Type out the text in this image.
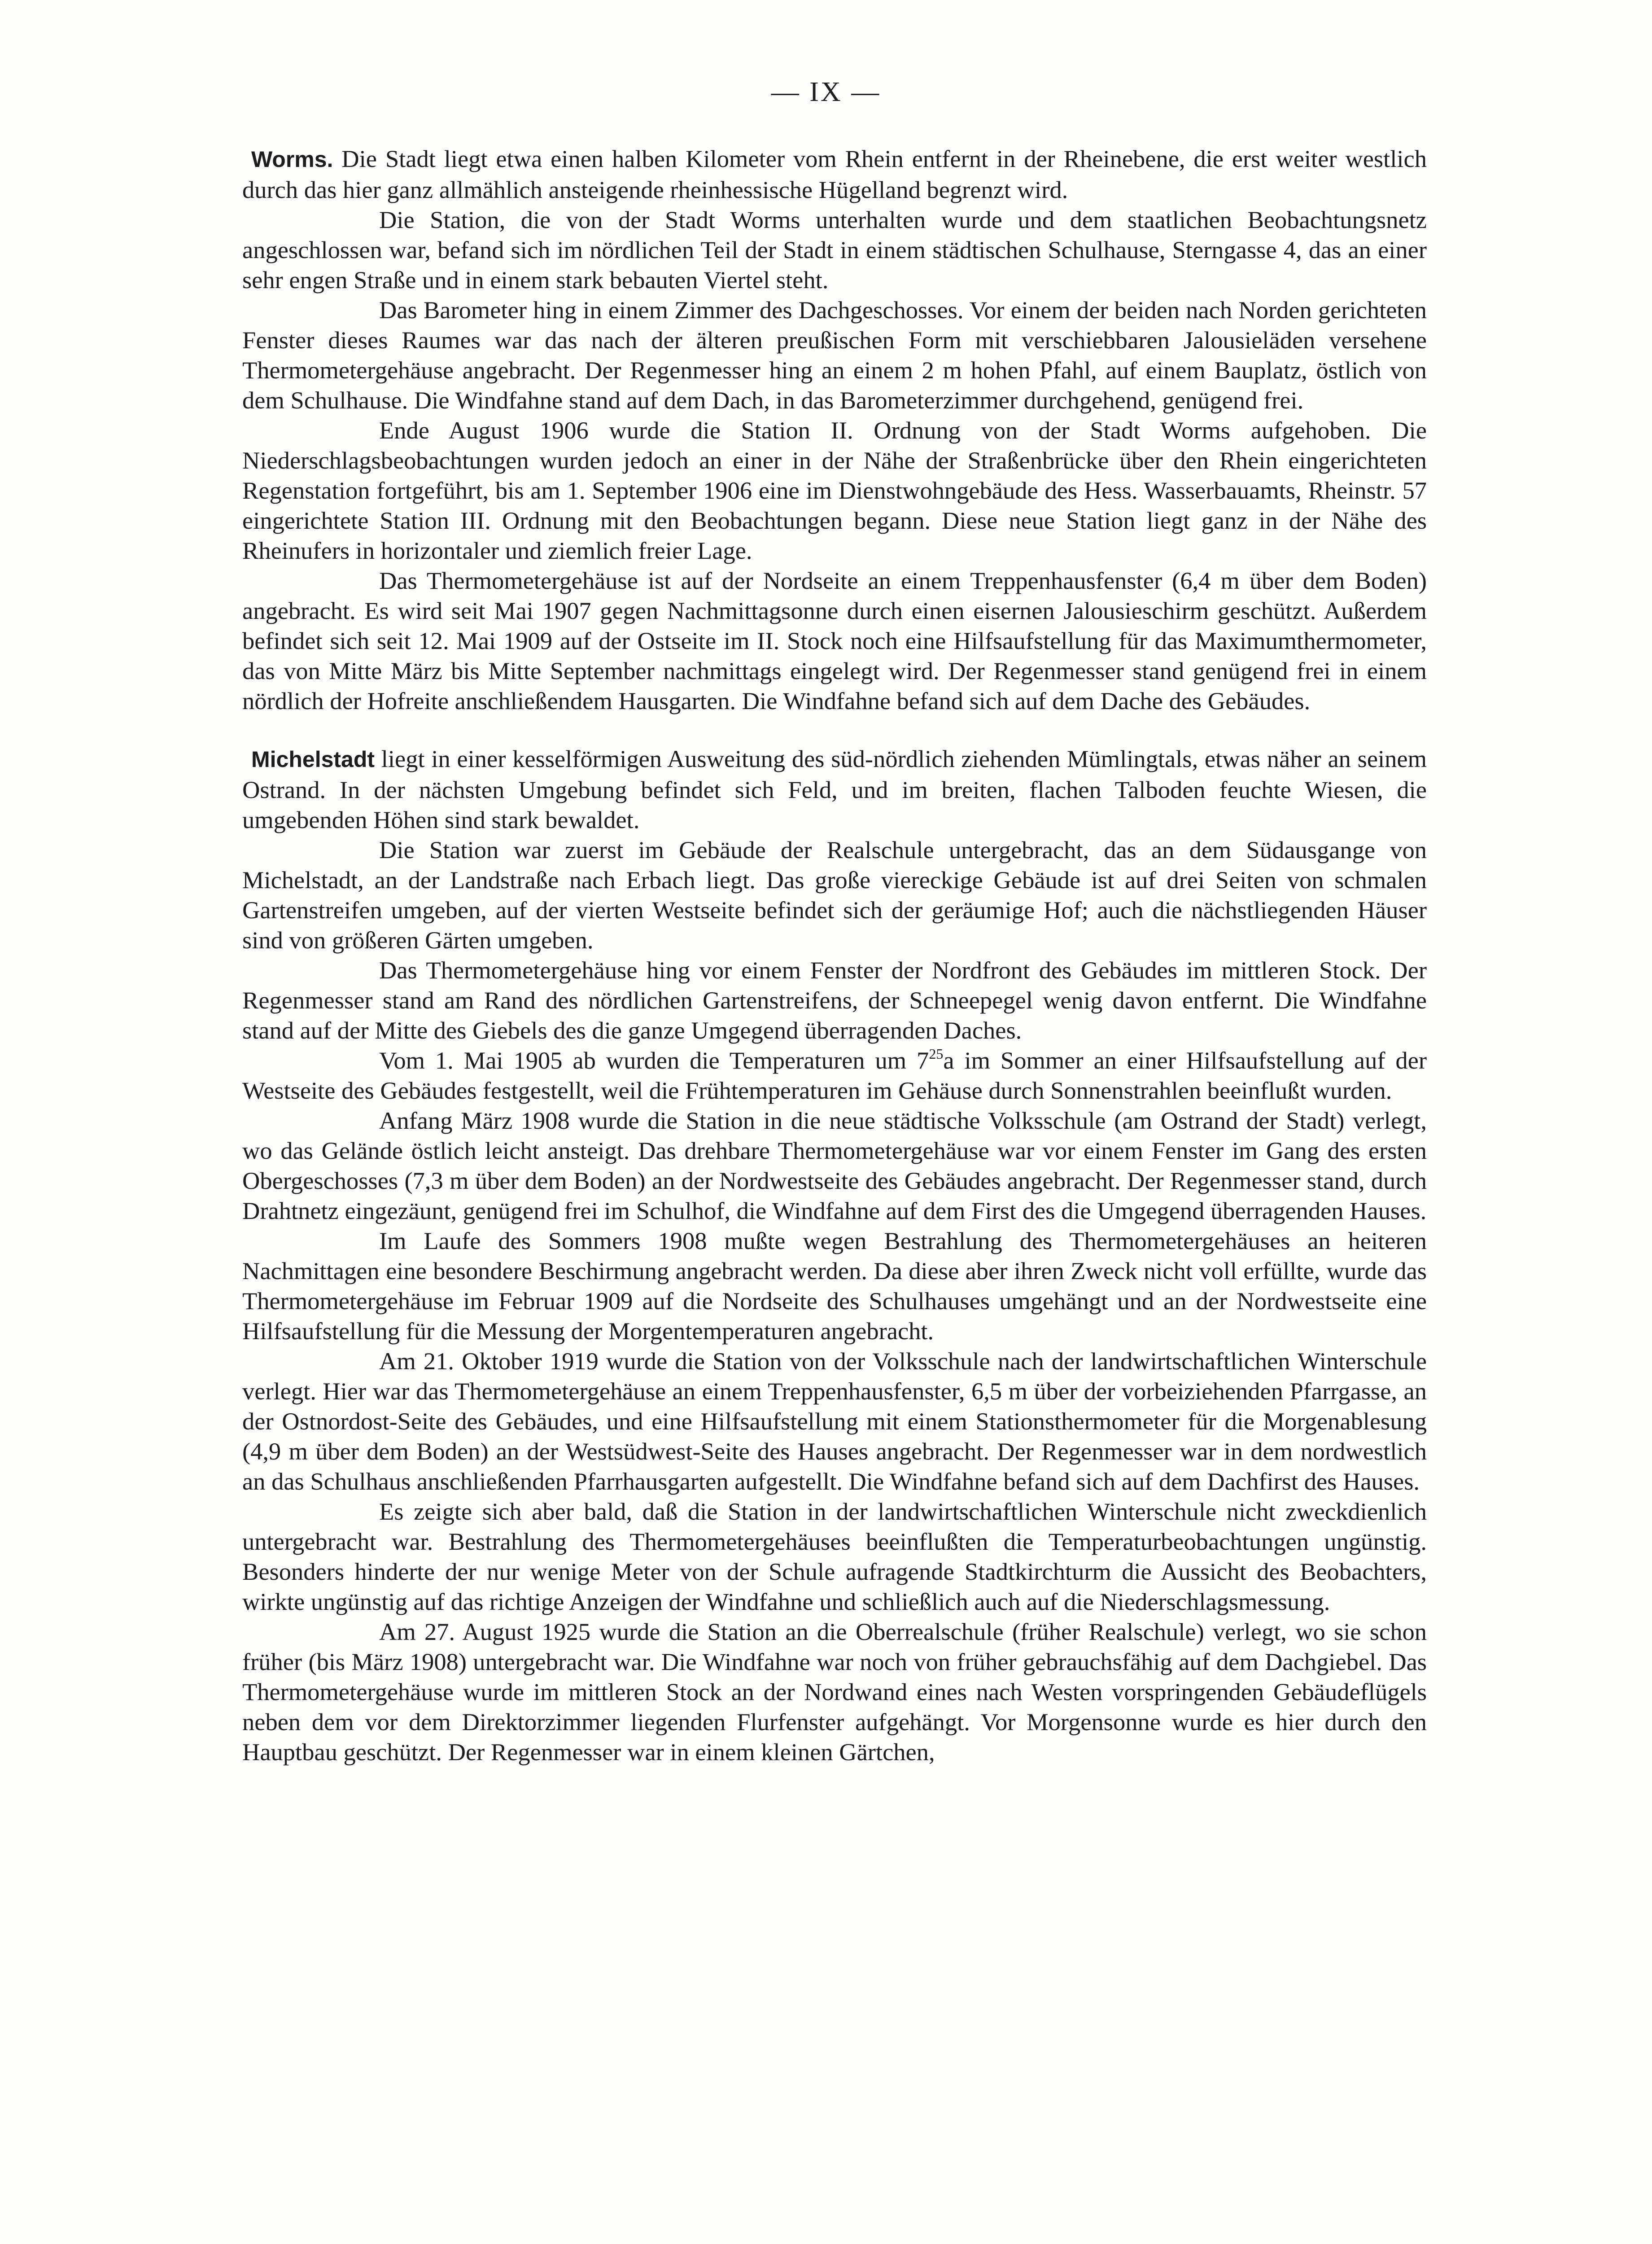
— IX —

Worms. Die Stadt liegt etwa einen halben Kilometer vom Rhein entfernt in der Rheinebene, die erst weiter westlich durch das hier ganz allmählich ansteigende rheinhessische Hügelland begrenzt wird.

Die Station, die von der Stadt Worms unterhalten wurde und dem staatlichen Beobachtungsnetz angeschlossen war, befand sich im nördlichen Teil der Stadt in einem städtischen Schulhause, Sterngasse 4, das an einer sehr engen Straße und in einem stark bebauten Viertel steht.

Das Barometer hing in einem Zimmer des Dachgeschosses. Vor einem der beiden nach Norden gerichteten Fenster dieses Raumes war das nach der älteren preußischen Form mit verschiebbaren Jalousieläden versehene Thermometergehäuse angebracht. Der Regenmesser hing an einem 2 m hohen Pfahl, auf einem Bauplatz, östlich von dem Schulhause. Die Windfahne stand auf dem Dach, in das Barometerzimmer durchgehend, genügend frei.

Ende August 1906 wurde die Station II. Ordnung von der Stadt Worms aufgehoben. Die Niederschlagsbeobachtungen wurden jedoch an einer in der Nähe der Straßenbrücke über den Rhein eingerichteten Regenstation fortgeführt, bis am 1. September 1906 eine im Dienstwohngebäude des Hess. Wasserbauamts, Rheinstr. 57 eingerichtete Station III. Ordnung mit den Beobachtungen begann. Diese neue Station liegt ganz in der Nähe des Rheinufers in horizontaler und ziemlich freier Lage.

Das Thermometergehäuse ist auf der Nordseite an einem Treppenhausfenster (6,4 m über dem Boden) angebracht. Es wird seit Mai 1907 gegen Nachmittagsonne durch einen eisernen Jalousieschirm geschützt. Außerdem befindet sich seit 12. Mai 1909 auf der Ostseite im II. Stock noch eine Hilfsaufstellung für das Maximumthermometer, das von Mitte März bis Mitte September nachmittags eingelegt wird. Der Regenmesser stand genügend frei in einem nördlich der Hofreite anschließendem Hausgarten. Die Windfahne befand sich auf dem Dache des Gebäudes.

Michelstadt liegt in einer kesselförmigen Ausweitung des süd-nördlich ziehenden Mümlingtals, etwas näher an seinem Ostrand. In der nächsten Umgebung befindet sich Feld, und im breiten, flachen Talboden feuchte Wiesen, die umgebenden Höhen sind stark bewaldet.

Die Station war zuerst im Gebäude der Realschule untergebracht, das an dem Südausgange von Michelstadt, an der Landstraße nach Erbach liegt. Das große viereckige Gebäude ist auf drei Seiten von schmalen Gartenstreifen umgeben, auf der vierten Westseite befindet sich der geräumige Hof; auch die nächstliegenden Häuser sind von größeren Gärten umgeben.

Das Thermometergehäuse hing vor einem Fenster der Nordfront des Gebäudes im mittleren Stock. Der Regenmesser stand am Rand des nördlichen Gartenstreifens, der Schneepegel wenig davon entfernt. Die Windfahne stand auf der Mitte des Giebels des die ganze Umgegend überragenden Daches.

Vom 1. Mai 1905 ab wurden die Temperaturen um $7^{25}a$ im Sommer an einer Hilfsaufstellung auf der Westseite des Gebäudes festgestellt, weil die Frühtemperaturen im Gehäuse durch Sonnenstrahlen beeinflußt wurden.

Anfang März 1908 wurde die Station in die neue städtische Volksschule (am Ostrand der Stadt) verlegt, wo das Gelände östlich leicht ansteigt. Das drehbare Thermometergehäuse war vor einem Fenster im Gang des ersten Obergeschosses (7,3 m über dem Boden) an der Nordwestseite des Gebäudes angebracht. Der Regenmesser stand, durch Drahtnetz eingezäunt, genügend frei im Schulhof, die Windfahne auf dem First des die Umgegend überragenden Hauses.

Im Laufe des Sommers 1908 mußte wegen Bestrahlung des Thermometergehäuses an heiteren Nachmittagen eine besondere Beschirmung angebracht werden. Da diese aber ihren Zweck nicht voll erfüllte, wurde das Thermometergehäuse im Februar 1909 auf die Nordseite des Schulhauses umgehängt und an der Nordwestseite eine Hilfsaufstellung für die Messung der Morgentemperaturen angebracht.

Am 21. Oktober 1919 wurde die Station von der Volksschule nach der landwirtschaftlichen Winterschule verlegt. Hier war das Thermometergehäuse an einem Treppenhausfenster, 6,5 m über der vorbeiziehenden Pfarrgasse, an der Ostnordost-Seite des Gebäudes, und eine Hilfsaufstellung mit einem Stationsthermometer für die Morgenablesung (4,9 m über dem Boden) an der Westsüdwest-Seite des Hauses angebracht. Der Regenmesser war in dem nordwestlich an das Schulhaus anschließenden Pfarrhausgarten aufgestellt. Die Windfahne befand sich auf dem Dachfirst des Hauses.

Es zeigte sich aber bald, daß die Station in der landwirtschaftlichen Winterschule nicht zweckdienlich untergebracht war. Bestrahlung des Thermometergehäuses beeinflußten die Temperaturbeobachtungen ungünstig. Besonders hinderte der nur wenige Meter von der Schule aufragende Stadtkirchturm die Aussicht des Beobachters, wirkte ungünstig auf das richtige Anzeigen der Windfahne und schließlich auch auf die Niederschlagsmessung.

Am 27. August 1925 wurde die Station an die Oberrealschule (früher Realschule) verlegt, wo sie schon früher (bis März 1908) untergebracht war. Die Windfahne war noch von früher gebrauchsfähig auf dem Dachgiebel. Das Thermometergehäuse wurde im mittleren Stock an der Nordwand eines nach Westen vorspringenden Gebäudeflügels neben dem vor dem Direktorzimmer liegenden Flurfenster aufgehängt. Vor Morgensonne wurde es hier durch den Hauptbau geschützt. Der Regenmesser war in einem kleinen Gärtchen,
